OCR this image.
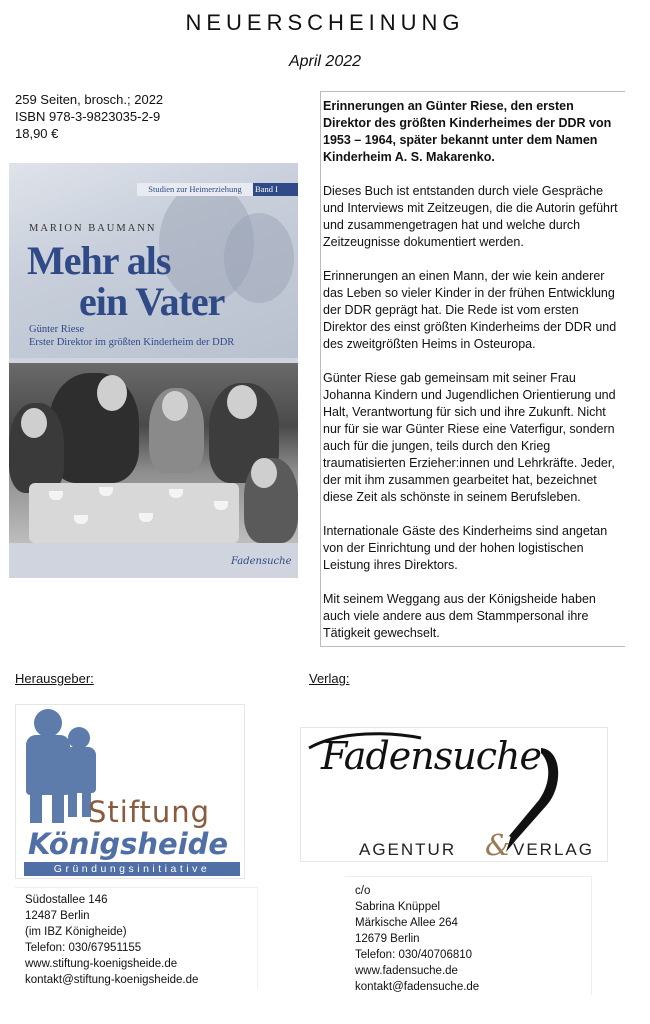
NEUERSCHEINUNG
April 2022
259 Seiten, brosch.; 2022
ISBN 978-3-9823035-2-9
18,90 €
Studien zur Heimerziehung	Band I
MARION BAUMANN
Mehr als
ein Vater
Günter Riese
Erster Direktor im größten Kinderheim der DDR
Fadensuche

Erinnerungen an Günter Riese, den ersten Direktor des größten Kinderheimes der DDR von 1953 – 1964, später bekannt unter dem Namen Kinderheim A. S. Makarenko.

Dieses Buch ist entstanden durch viele Gespräche und Interviews mit Zeitzeugen, die die Autorin geführt und zusammengetragen hat und welche durch Zeitzeugnisse dokumentiert werden.

Erinnerungen an einen Mann, der wie kein anderer das Leben so vieler Kinder in der frühen Entwicklung der DDR geprägt hat. Die Rede ist vom ersten Direktor des einst größten Kinderheims der DDR und des zweitgrößten Heims in Osteuropa.

Günter Riese gab gemeinsam mit seiner Frau Johanna Kindern und Jugendlichen Orientierung und Halt, Verantwortung für sich und ihre Zukunft. Nicht nur für sie war Günter Riese eine Vaterfigur, sondern auch für die jungen, teils durch den Krieg traumatisierten Erzieher:innen und Lehrkräfte. Jeder, der mit ihm zusammen gearbeitet hat, bezeichnet diese Zeit als schönste in seinem Berufsleben.

Internationale Gäste des Kinderheims sind angetan von der Einrichtung und der hohen logistischen Leistung ihres Direktors.

Mit seinem Weggang aus der Königsheide haben auch viele andere aus dem Stammpersonal ihre Tätigkeit gewechselt.

Herausgeber:	Verlag:
Stiftung
Königsheide
Gründungsinitiative
Fadensuche
AGENTUR & VERLAG
Südostallee 146
12487 Berlin
(im IBZ Königheide)
Telefon: 030/67951155
www.stiftung-koenigsheide.de
kontakt@stiftung-koenigsheide.de
c/o
Sabrina Knüppel
Märkische Allee 264
12679 Berlin
Telefon: 030/40706810
www.fadensuche.de
kontakt@fadensuche.de
